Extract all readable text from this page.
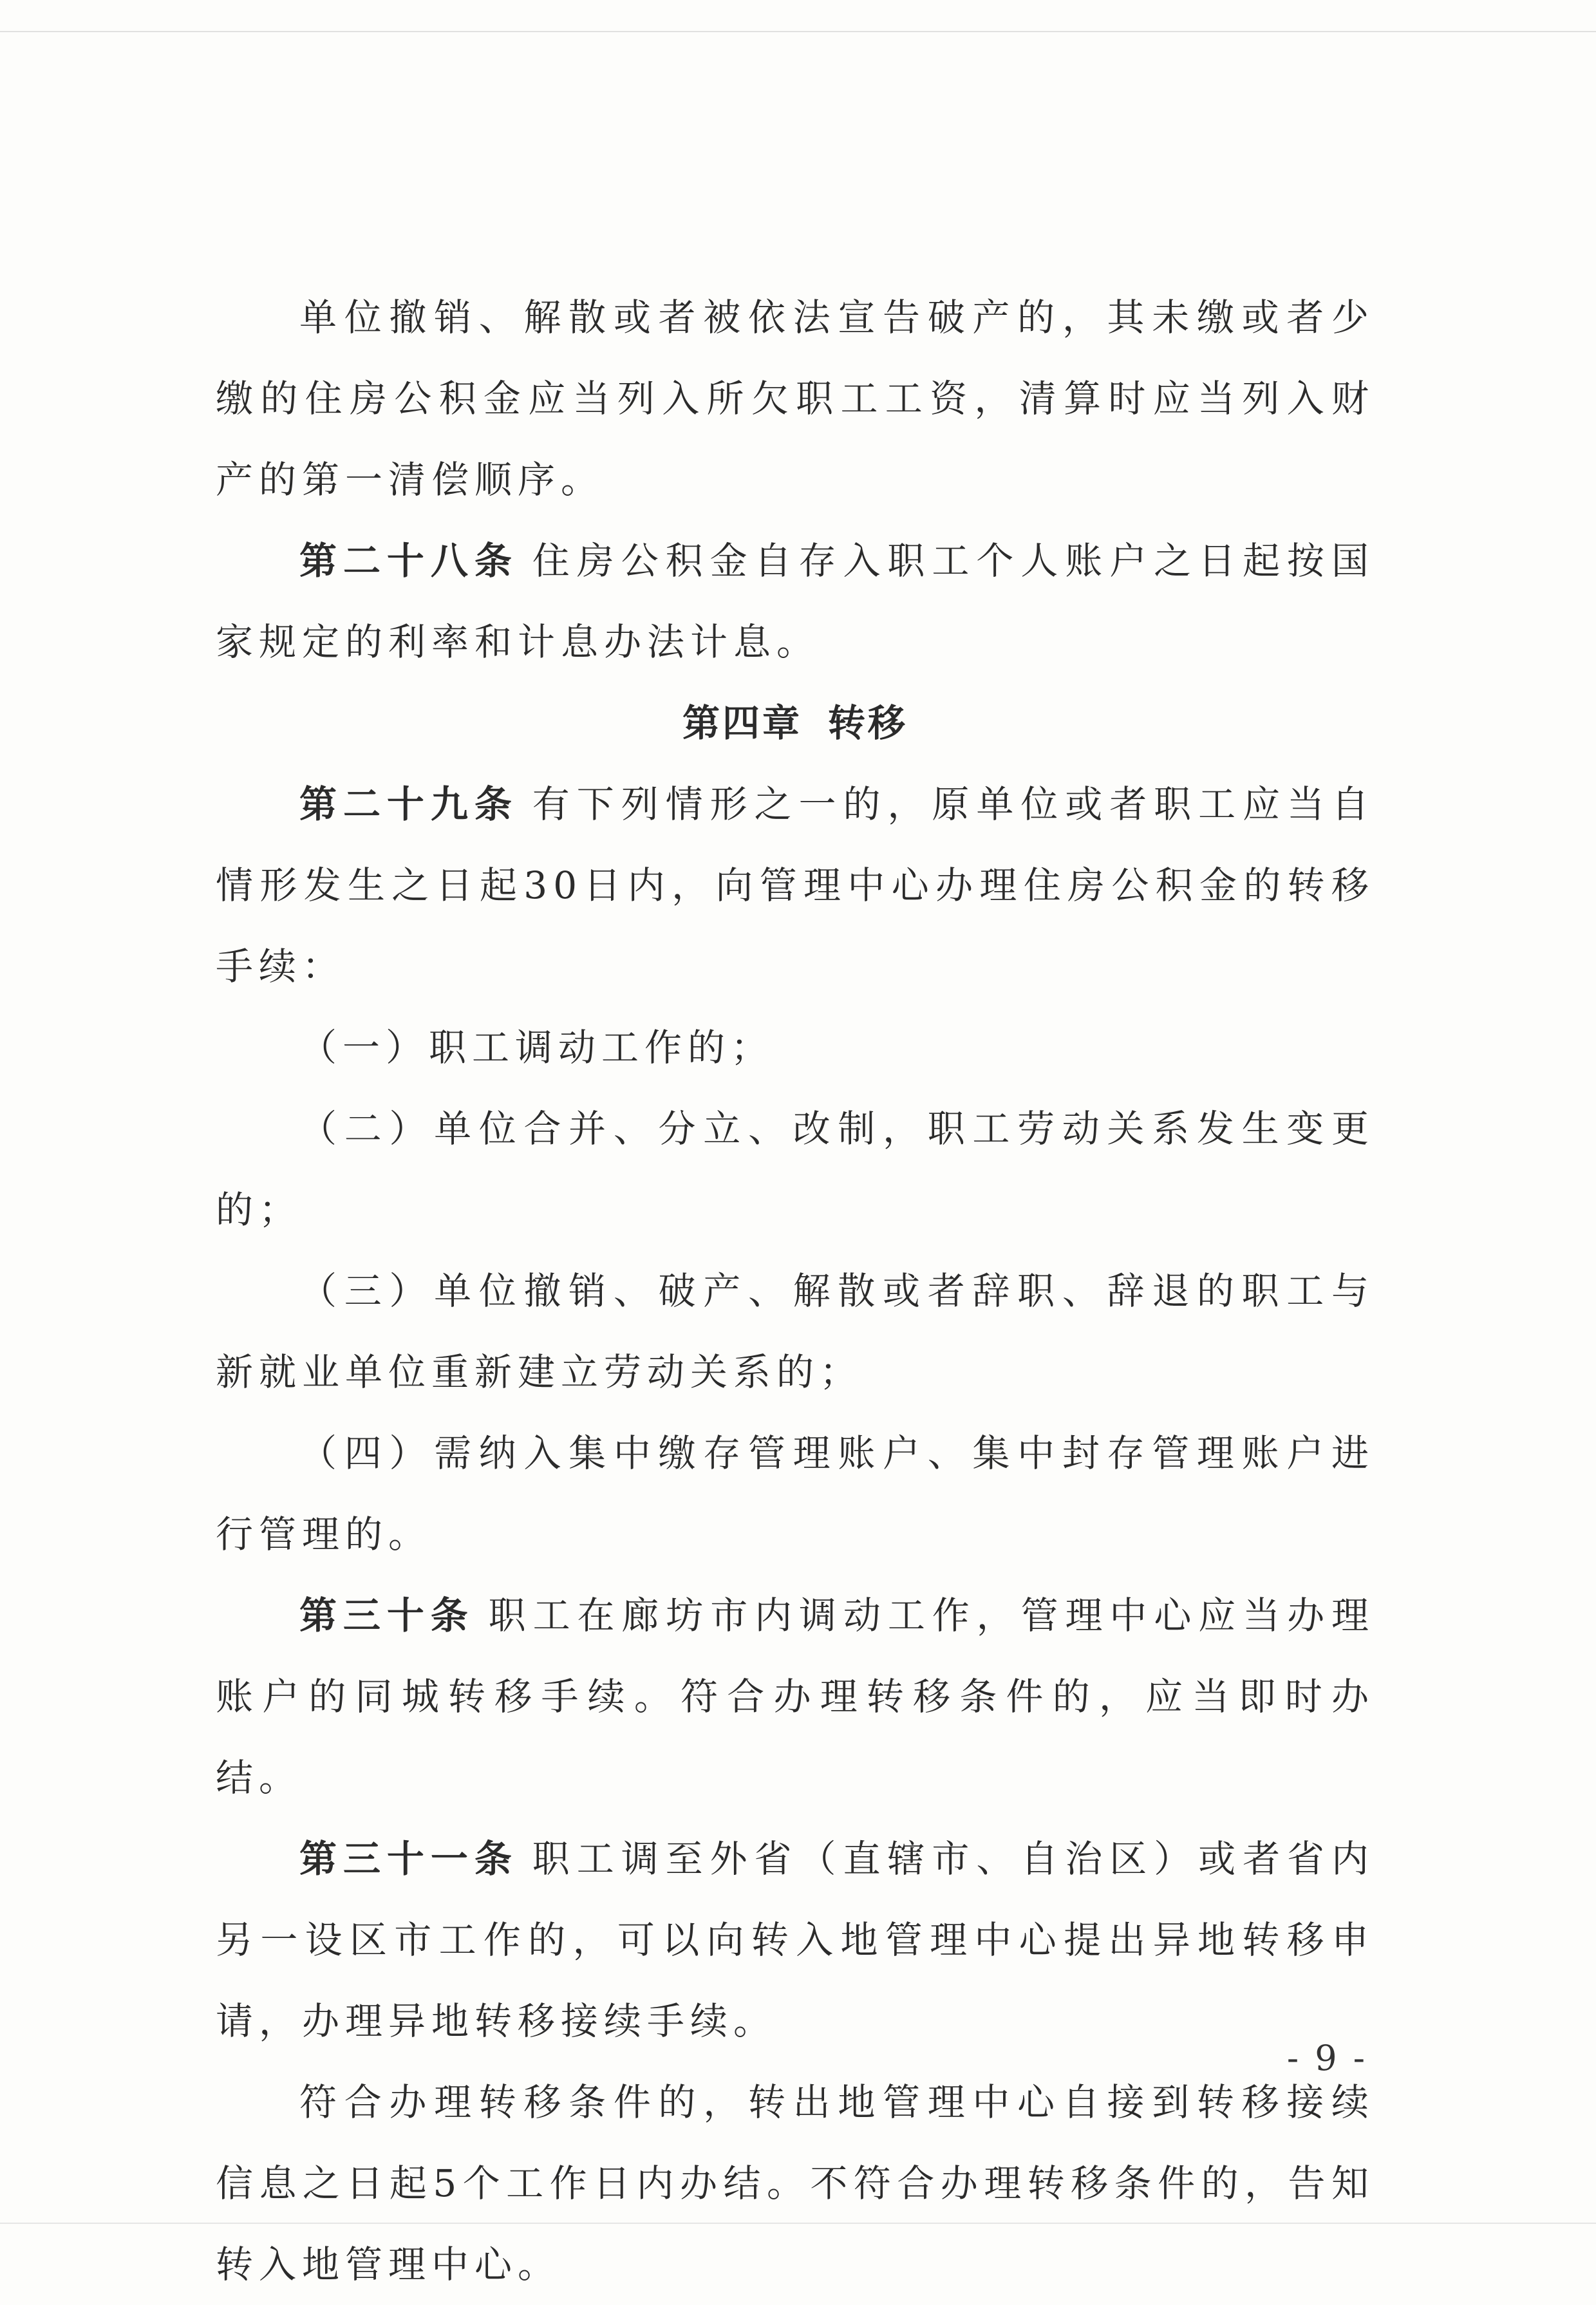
单位撤销、解散或者被依法宣告破产的，其未缴或者少缴的住房公积金应当列入所欠职工工资，清算时应当列入财产的第一清偿顺序。

第二十八条 住房公积金自存入职工个人账户之日起按国家规定的利率和计息办法计息。

第四章 转移

第二十九条 有下列情形之一的，原单位或者职工应当自情形发生之日起30日内，向管理中心办理住房公积金的转移手续：

（一）职工调动工作的；

（二）单位合并、分立、改制，职工劳动关系发生变更的；

（三）单位撤销、破产、解散或者辞职、辞退的职工与新就业单位重新建立劳动关系的；

（四）需纳入集中缴存管理账户、集中封存管理账户进行管理的。

第三十条 职工在廊坊市内调动工作，管理中心应当办理账户的同城转移手续。符合办理转移条件的，应当即时办结。

第三十一条 职工调至外省（直辖市、自治区）或者省内另一设区市工作的，可以向转入地管理中心提出异地转移申请，办理异地转移接续手续。

符合办理转移条件的，转出地管理中心自接到转移接续信息之日起5个工作日内办结。不符合办理转移条件的，告知转入地管理中心。

- 9 -
